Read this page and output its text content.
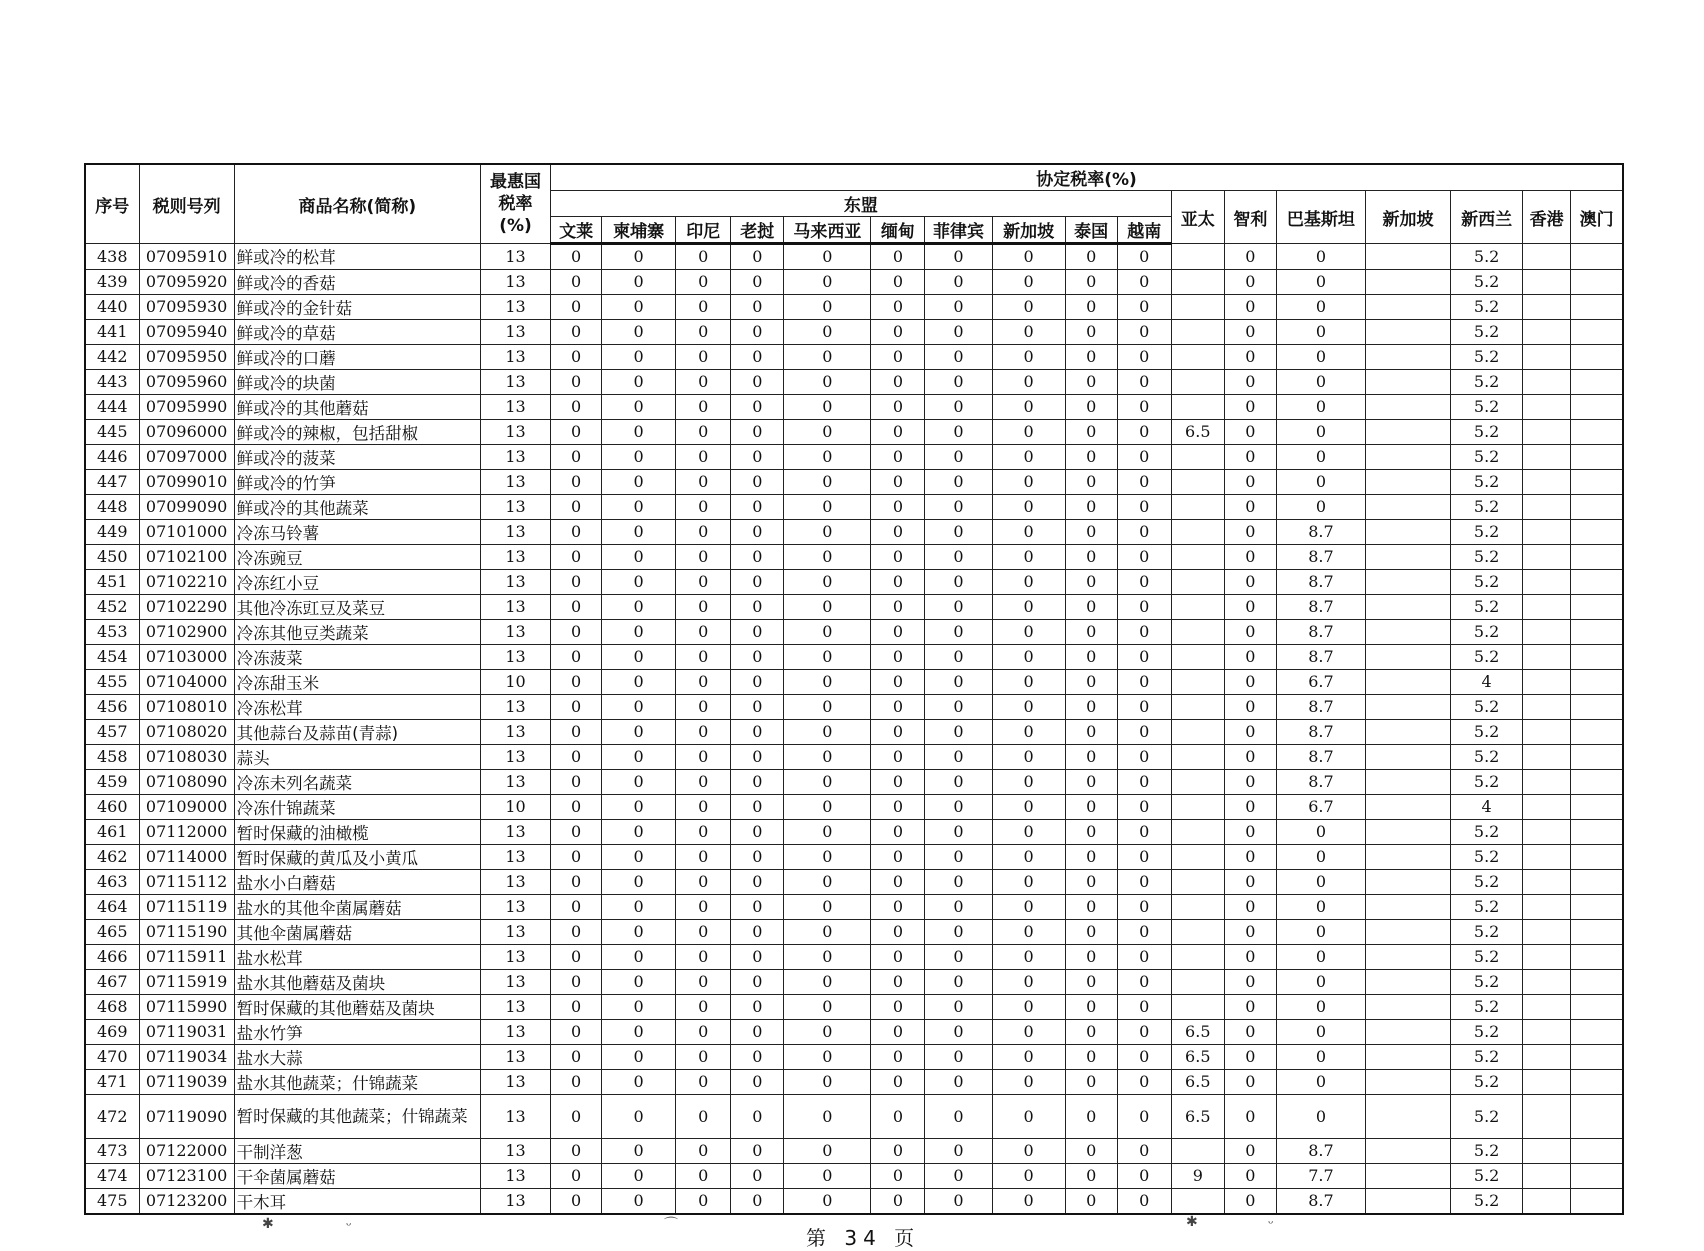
序号	税则号列	商品名称(简称)	最惠国
税率
(%)	协定税率(%)																
				东盟										亚太	智利	巴基斯坦	新加坡	新西兰	香港	澳门
				文莱	柬埔寨	印尼	老挝	马来西亚	缅甸	菲律宾	新加坡	泰国	越南							
438	07095910	鲜或冷的松茸	13	0	0	0	0	0	0	0	0	0	0		0	0		5.2		
439	07095920	鲜或冷的香菇	13	0	0	0	0	0	0	0	0	0	0		0	0		5.2		
440	07095930	鲜或冷的金针菇	13	0	0	0	0	0	0	0	0	0	0		0	0		5.2		
441	07095940	鲜或冷的草菇	13	0	0	0	0	0	0	0	0	0	0		0	0		5.2		
442	07095950	鲜或冷的口蘑	13	0	0	0	0	0	0	0	0	0	0		0	0		5.2		
443	07095960	鲜或冷的块菌	13	0	0	0	0	0	0	0	0	0	0		0	0		5.2		
444	07095990	鲜或冷的其他蘑菇	13	0	0	0	0	0	0	0	0	0	0		0	0		5.2		
445	07096000	鲜或冷的辣椒，包括甜椒	13	0	0	0	0	0	0	0	0	0	0	6.5	0	0		5.2		
446	07097000	鲜或冷的菠菜	13	0	0	0	0	0	0	0	0	0	0		0	0		5.2		
447	07099010	鲜或冷的竹笋	13	0	0	0	0	0	0	0	0	0	0		0	0		5.2		
448	07099090	鲜或冷的其他蔬菜	13	0	0	0	0	0	0	0	0	0	0		0	0		5.2		
449	07101000	冷冻马铃薯	13	0	0	0	0	0	0	0	0	0	0		0	8.7		5.2		
450	07102100	冷冻豌豆	13	0	0	0	0	0	0	0	0	0	0		0	8.7		5.2		
451	07102210	冷冻红小豆	13	0	0	0	0	0	0	0	0	0	0		0	8.7		5.2		
452	07102290	其他冷冻豇豆及菜豆	13	0	0	0	0	0	0	0	0	0	0		0	8.7		5.2		
453	07102900	冷冻其他豆类蔬菜	13	0	0	0	0	0	0	0	0	0	0		0	8.7		5.2		
454	07103000	冷冻菠菜	13	0	0	0	0	0	0	0	0	0	0		0	8.7		5.2		
455	07104000	冷冻甜玉米	10	0	0	0	0	0	0	0	0	0	0		0	6.7		4		
456	07108010	冷冻松茸	13	0	0	0	0	0	0	0	0	0	0		0	8.7		5.2		
457	07108020	其他蒜台及蒜苗(青蒜)	13	0	0	0	0	0	0	0	0	0	0		0	8.7		5.2		
458	07108030	蒜头	13	0	0	0	0	0	0	0	0	0	0		0	8.7		5.2		
459	07108090	冷冻未列名蔬菜	13	0	0	0	0	0	0	0	0	0	0		0	8.7		5.2		
460	07109000	冷冻什锦蔬菜	10	0	0	0	0	0	0	0	0	0	0		0	6.7		4		
461	07112000	暂时保藏的油橄榄	13	0	0	0	0	0	0	0	0	0	0		0	0		5.2		
462	07114000	暂时保藏的黄瓜及小黄瓜	13	0	0	0	0	0	0	0	0	0	0		0	0		5.2		
463	07115112	盐水小白蘑菇	13	0	0	0	0	0	0	0	0	0	0		0	0		5.2		
464	07115119	盐水的其他伞菌属蘑菇	13	0	0	0	0	0	0	0	0	0	0		0	0		5.2		
465	07115190	其他伞菌属蘑菇	13	0	0	0	0	0	0	0	0	0	0		0	0		5.2		
466	07115911	盐水松茸	13	0	0	0	0	0	0	0	0	0	0		0	0		5.2		
467	07115919	盐水其他蘑菇及菌块	13	0	0	0	0	0	0	0	0	0	0		0	0		5.2		
468	07115990	暂时保藏的其他蘑菇及菌块	13	0	0	0	0	0	0	0	0	0	0		0	0		5.2		
469	07119031	盐水竹笋	13	0	0	0	0	0	0	0	0	0	0	6.5	0	0		5.2		
470	07119034	盐水大蒜	13	0	0	0	0	0	0	0	0	0	0	6.5	0	0		5.2		
471	07119039	盐水其他蔬菜；什锦蔬菜	13	0	0	0	0	0	0	0	0	0	0	6.5	0	0		5.2		
472	07119090	暂时保藏的其他蔬菜；什锦蔬菜	13	0	0	0	0	0	0	0	0	0	0	6.5	0	0		5.2		
473	07122000	干制洋葱	13	0	0	0	0	0	0	0	0	0	0		0	8.7		5.2		
474	07123100	干伞菌属蘑菇	13	0	0	0	0	0	0	0	0	0	0	9	0	7.7		5.2		
475	07123200	干木耳	13	0	0	0	0	0	0	0	0	0	0		0	8.7		5.2		
第 34 页
✱	ᵕ	⌒	✱	ᵕ
